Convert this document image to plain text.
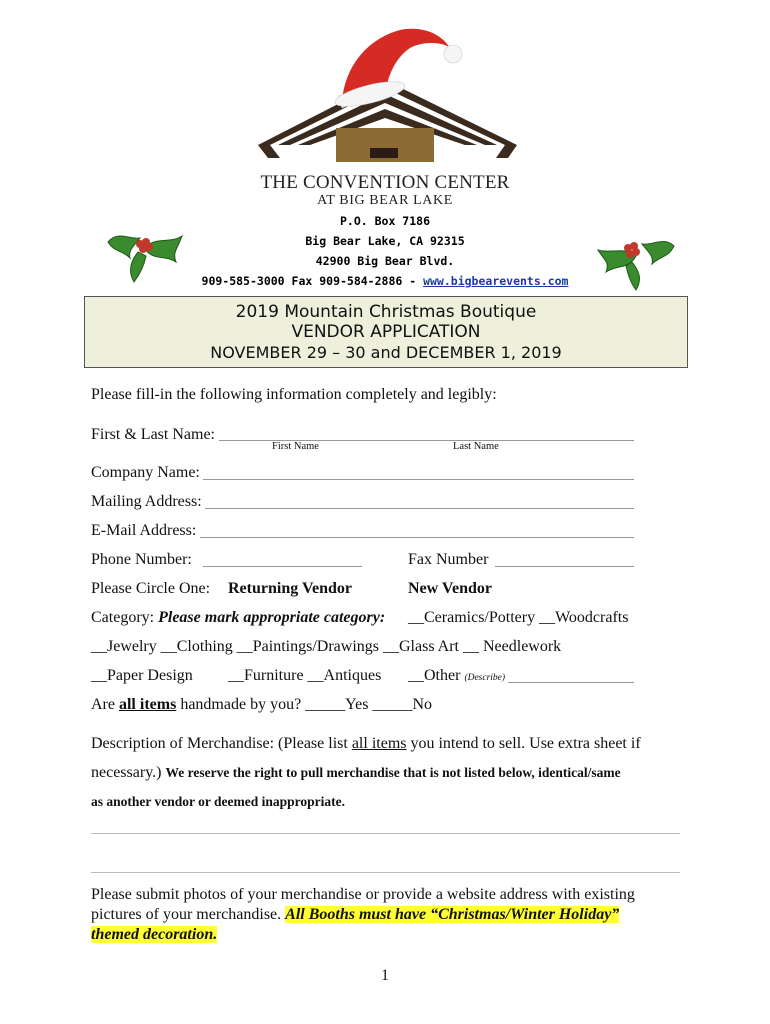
THE CONVENTION CENTER
AT BIG BEAR LAKE
P.O. Box 7186
Big Bear Lake, CA 92315
42900 Big Bear Blvd.
909-585-3000 Fax 909-584-2886 - www.bigbearevents.com
2019 Mountain Christmas Boutique
VENDOR APPLICATION
NOVEMBER 29 – 30 and DECEMBER 1, 2019
Please fill-in the following information completely and legibly:
First & Last Name:
First Name	Last Name
Company Name:
Mailing Address:
E-Mail Address:
Phone Number:	Fax Number
Please Circle One: Returning Vendor	New Vendor
Category: Please mark appropriate category: __Ceramics/Pottery __Woodcrafts
__Jewelry __Clothing __Paintings/Drawings __Glass Art __ Needlework
__Paper Design __Furniture __Antiques __Other (Describe)
Are all items handmade by you? _____Yes _____No
Description of Merchandise: (Please list all items you intend to sell. Use extra sheet if
necessary.) We reserve the right to pull merchandise that is not listed below, identical/same
as another vendor or deemed inappropriate.
Please submit photos of your merchandise or provide a website address with existing
pictures of your merchandise. All Booths must have “Christmas/Winter Holiday”
themed decoration.
1
